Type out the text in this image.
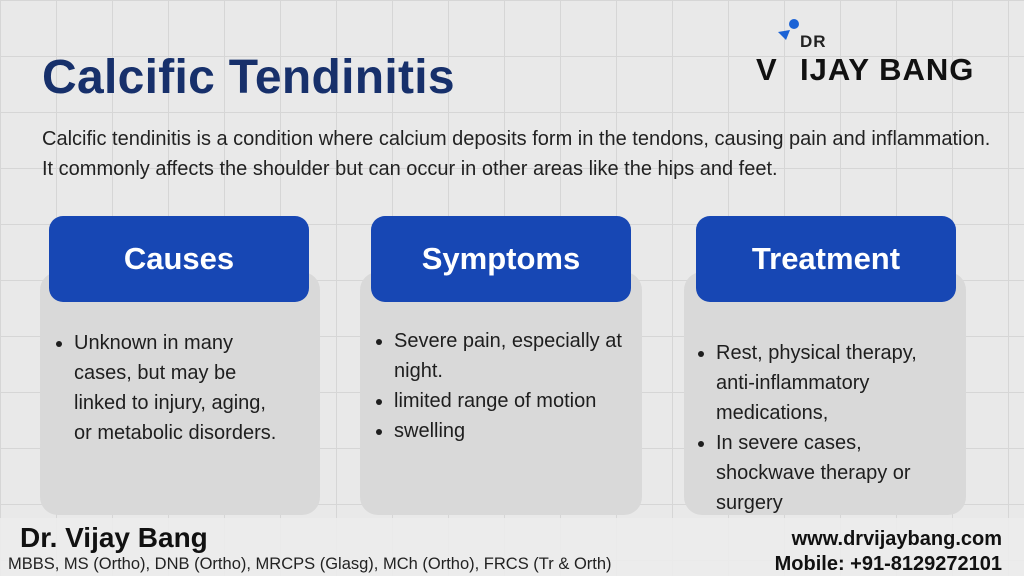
Calcific Tendinitis
DR
V IJAY BANG
Calcific tendinitis is a condition where calcium deposits form in the tendons, causing pain and inflammation. It commonly affects the shoulder but can occur in other areas like the hips and feet.
Unknown in many cases, but may be linked to injury, aging, or metabolic disorders.
Causes
Severe pain, especially at night.
limited range of motion
swelling
Symptoms
Rest, physical therapy, anti-inflammatory medications,
In severe cases, shockwave therapy or surgery
Treatment
Dr. Vijay Bang
MBBS, MS (Ortho), DNB (Ortho), MRCPS (Glasg), MCh (Ortho), FRCS (Tr & Orth)
www.drvijaybang.com
Mobile: +91-8129272101
